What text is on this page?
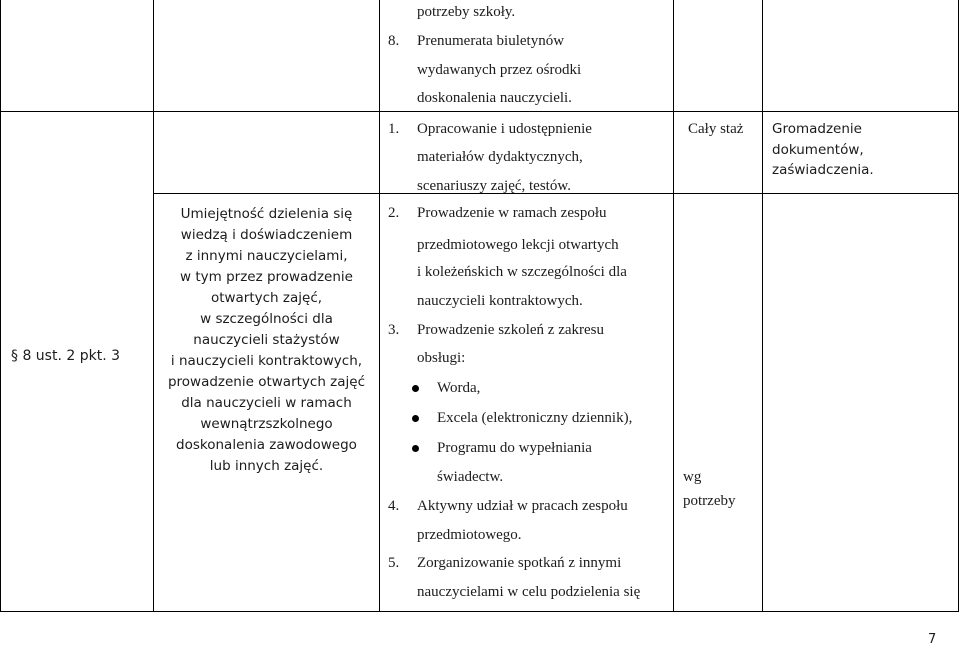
§ 8 ust. 2 pkt. 3
Umiejętność dzielenia się
wiedzą i doświadczeniem
z innymi nauczycielami,
w tym przez prowadzenie
otwartych zajęć,
w szczególności dla
nauczycieli stażystów
i nauczycieli kontraktowych,
prowadzenie otwartych zajęć
dla nauczycieli w ramach
wewnątrzszkolnego
doskonalenia zawodowego
lub innych zajęć.
potrzeby szkoły.
8. Prenumerata biuletynów
wydawanych przez ośrodki
doskonalenia nauczycieli.
1. Opracowanie i udostępnienie
materiałów dydaktycznych,
scenariuszy zajęć, testów.
2. Prowadzenie w ramach zespołu
przedmiotowego lekcji otwartych
i koleżeńskich w szczególności dla
nauczycieli kontraktowych.
3. Prowadzenie szkoleń z zakresu
obsługi:
Worda,
Excela (elektroniczny dziennik),
Programu do wypełniania
świadectw.
4. Aktywny udział w pracach zespołu
przedmiotowego.
5. Zorganizowanie spotkań z innymi
nauczycielami w celu podzielenia się
Cały staż
wg
potrzeby
Gromadzenie
dokumentów,
zaświadczenia.
7
